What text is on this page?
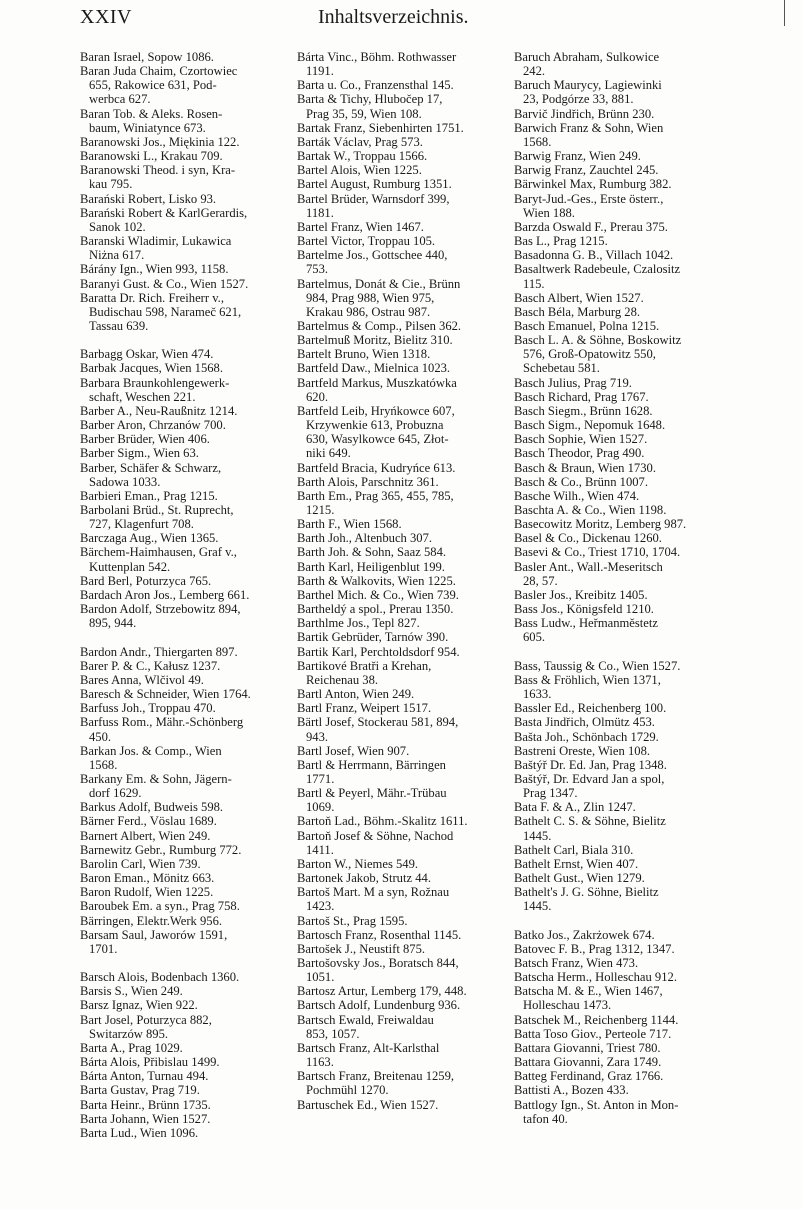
XXIV	Inhaltsverzeichnis.
Baran Israel, Sopow 1086.
Baran Juda Chaim, Czortowiec
655, Rakowice 631, Pod-
werbca 627.
Baran Tob. & Aleks. Rosen-
baum, Winiatynce 673.
Baranowski Jos., Miękinia 122.
Baranowski L., Krakau 709.
Baranowski Theod. i syn, Kra-
kau 795.
Barański Robert, Lisko 93.
Barański Robert & KarlGerardis,
Sanok 102.
Baranski Wladimir, Lukawica
Niżna 617.
Bárány Ign., Wien 993, 1158.
Baranyi Gust. & Co., Wien 1527.
Baratta Dr. Rich. Freiherr v.,
Budischau 598, Narameč 621,
Tassau 639.

Barbagg Oskar, Wien 474.
Barbak Jacques, Wien 1568.
Barbara Braunkohlengewerk-
schaft, Weschen 221.
Barber A., Neu-Raußnitz 1214.
Barber Aron, Chrzanów 700.
Barber Brüder, Wien 406.
Barber Sigm., Wien 63.
Barber, Schäfer & Schwarz,
Sadowa 1033.
Barbieri Eman., Prag 1215.
Barbolani Brüd., St. Ruprecht,
727, Klagenfurt 708.
Barczaga Aug., Wien 1365.
Bärchem-Haimhausen, Graf v.,
Kuttenplan 542.
Bard Berl, Poturzyca 765.
Bardach Aron Jos., Lemberg 661.
Bardon Adolf, Strzebowitz 894,
895, 944.

Bardon Andr., Thiergarten 897.
Barer P. & C., Kałusz 1237.
Bares Anna, Wlčivol 49.
Baresch & Schneider, Wien 1764.
Barfuss Joh., Troppau 470.
Barfuss Rom., Mähr.-Schönberg
450.
Barkan Jos. & Comp., Wien
1568.
Barkany Em. & Sohn, Jägern-
dorf 1629.
Barkus Adolf, Budweis 598.
Bärner Ferd., Vöslau 1689.
Barnert Albert, Wien 249.
Barnewitz Gebr., Rumburg 772.
Barolin Carl, Wien 739.
Baron Eman., Mönitz 663.
Baron Rudolf, Wien 1225.
Baroubek Em. a syn., Prag 758.
Bärringen, Elektr.Werk 956.
Barsam Saul, Jaworów 1591,
1701.

Barsch Alois, Bodenbach 1360.
Barsis S., Wien 249.
Barsz Ignaz, Wien 922.
Bart Josel, Poturzyca 882,
Switarzów 895.
Barta A., Prag 1029.
Bárta Alois, Přibislau 1499.
Bárta Anton, Turnau 494.
Barta Gustav, Prag 719.
Barta Heinr., Brünn 1735.
Barta Johann, Wien 1527.
Barta Lud., Wien 1096.
Bárta Vinc., Böhm. Rothwasser
1191.
Barta u. Co., Franzensthal 145.
Barta & Tichy, Hlubočep 17,
Prag 35, 59, Wien 108.
Bartak Franz, Siebenhirten 1751.
Barták Václav, Prag 573.
Bartak W., Troppau 1566.
Bartel Alois, Wien 1225.
Bartel August, Rumburg 1351.
Bartel Brüder, Warnsdorf 399,
1181.
Bartel Franz, Wien 1467.
Bartel Victor, Troppau 105.
Bartelme Jos., Gottschee 440,
753.
Bartelmus, Donát & Cie., Brünn
984, Prag 988, Wien 975,
Krakau 986, Ostrau 987.
Bartelmus & Comp., Pilsen 362.
Bartelmuß Moritz, Bielitz 310.
Bartelt Bruno, Wien 1318.
Bartfeld Daw., Mielnica 1023.
Bartfeld Markus, Muszkatówka
620.
Bartfeld Leib, Hryńkowce 607,
Krzywenkie 613, Probuzna
630, Wasylkowce 645, Złot-
niki 649.
Bartfeld Bracia, Kudryńce 613.
Barth Alois, Parschnitz 361.
Barth Em., Prag 365, 455, 785,
1215.
Barth F., Wien 1568.
Barth Joh., Altenbuch 307.
Barth Joh. & Sohn, Saaz 584.
Barth Karl, Heiligenblut 199.
Barth & Walkovits, Wien 1225.
Barthel Mich. & Co., Wien 739.
Bartheldý a spol., Prerau 1350.
Barthlme Jos., Tepl 827.
Bartik Gebrüder, Tarnów 390.
Bartik Karl, Perchtoldsdorf 954.
Bartikové Bratři a Krehan,
Reichenau 38.
Bartl Anton, Wien 249.
Bartl Franz, Weipert 1517.
Bärtl Josef, Stockerau 581, 894,
943.
Bartl Josef, Wien 907.
Bartl & Herrmann, Bärringen
1771.
Bartl & Peyerl, Mähr.-Trübau
1069.
Bartoň Lad., Böhm.-Skalitz 1611.
Bartoň Josef & Söhne, Nachod
1411.
Barton W., Niemes 549.
Bartonek Jakob, Strutz 44.
Bartoš Mart. M a syn, Rožnau
1423.
Bartoš St., Prag 1595.
Bartosch Franz, Rosenthal 1145.
Bartošek J., Neustift 875.
Bartošovsky Jos., Boratsch 844,
1051.
Bartosz Artur, Lemberg 179, 448.
Bartsch Adolf, Lundenburg 936.
Bartsch Ewald, Freiwaldau
853, 1057.
Bartsch Franz, Alt-Karlsthal
1163.
Bartsch Franz, Breitenau 1259,
Pochmühl 1270.
Bartuschek Ed., Wien 1527.
Baruch Abraham, Sulkowice
242.
Baruch Maurycy, Lagiewinki
23, Podgórze 33, 881.
Barvič Jindřich, Brünn 230.
Barwich Franz & Sohn, Wien
1568.
Barwig Franz, Wien 249.
Barwig Franz, Zauchtel 245.
Bärwinkel Max, Rumburg 382.
Baryt-Jud.-Ges., Erste österr.,
Wien 188.
Barzda Oswald F., Prerau 375.
Bas L., Prag 1215.
Basadonna G. B., Villach 1042.
Basaltwerk Radebeule, Czalositz
115.
Basch Albert, Wien 1527.
Basch Béla, Marburg 28.
Basch Emanuel, Polna 1215.
Basch L. A. & Söhne, Boskowitz
576, Groß-Opatowitz 550,
Schebetau 581.
Basch Julius, Prag 719.
Basch Richard, Prag 1767.
Basch Siegm., Brünn 1628.
Basch Sigm., Nepomuk 1648.
Basch Sophie, Wien 1527.
Basch Theodor, Prag 490.
Basch & Braun, Wien 1730.
Basch & Co., Brünn 1007.
Basche Wilh., Wien 474.
Baschta A. & Co., Wien 1198.
Basecowitz Moritz, Lemberg 987.
Basel & Co., Dickenau 1260.
Basevi & Co., Triest 1710, 1704.
Basler Ant., Wall.-Meseritsch
28, 57.
Basler Jos., Kreibitz 1405.
Bass Jos., Königsfeld 1210.
Bass Ludw., Heřmanměstetz
605.

Bass, Taussig & Co., Wien 1527.
Bass & Fröhlich, Wien 1371,
1633.
Bassler Ed., Reichenberg 100.
Basta Jindřich, Olmütz 453.
Bašta Joh., Schönbach 1729.
Bastreni Oreste, Wien 108.
Baštýř Dr. Ed. Jan, Prag 1348.
Baštýř, Dr. Edvard Jan a spol,
Prag 1347.
Bata F. & A., Zlin 1247.
Bathelt C. S. & Söhne, Bielitz
1445.
Bathelt Carl, Biala 310.
Bathelt Ernst, Wien 407.
Bathelt Gust., Wien 1279.
Bathelt's J. G. Söhne, Bielitz
1445.

Batko Jos., Zakrżowek 674.
Batovec F. B., Prag 1312, 1347.
Batsch Franz, Wien 473.
Batscha Herm., Holleschau 912.
Batscha M. & E., Wien 1467,
Holleschau 1473.
Batschek M., Reichenberg 1144.
Batta Toso Giov., Perteole 717.
Battara Giovanni, Triest 780.
Battara Giovanni, Zara 1749.
Batteg Ferdinand, Graz 1766.
Battisti A., Bozen 433.
Battlogy Ign., St. Anton in Mon-
tafon 40.
